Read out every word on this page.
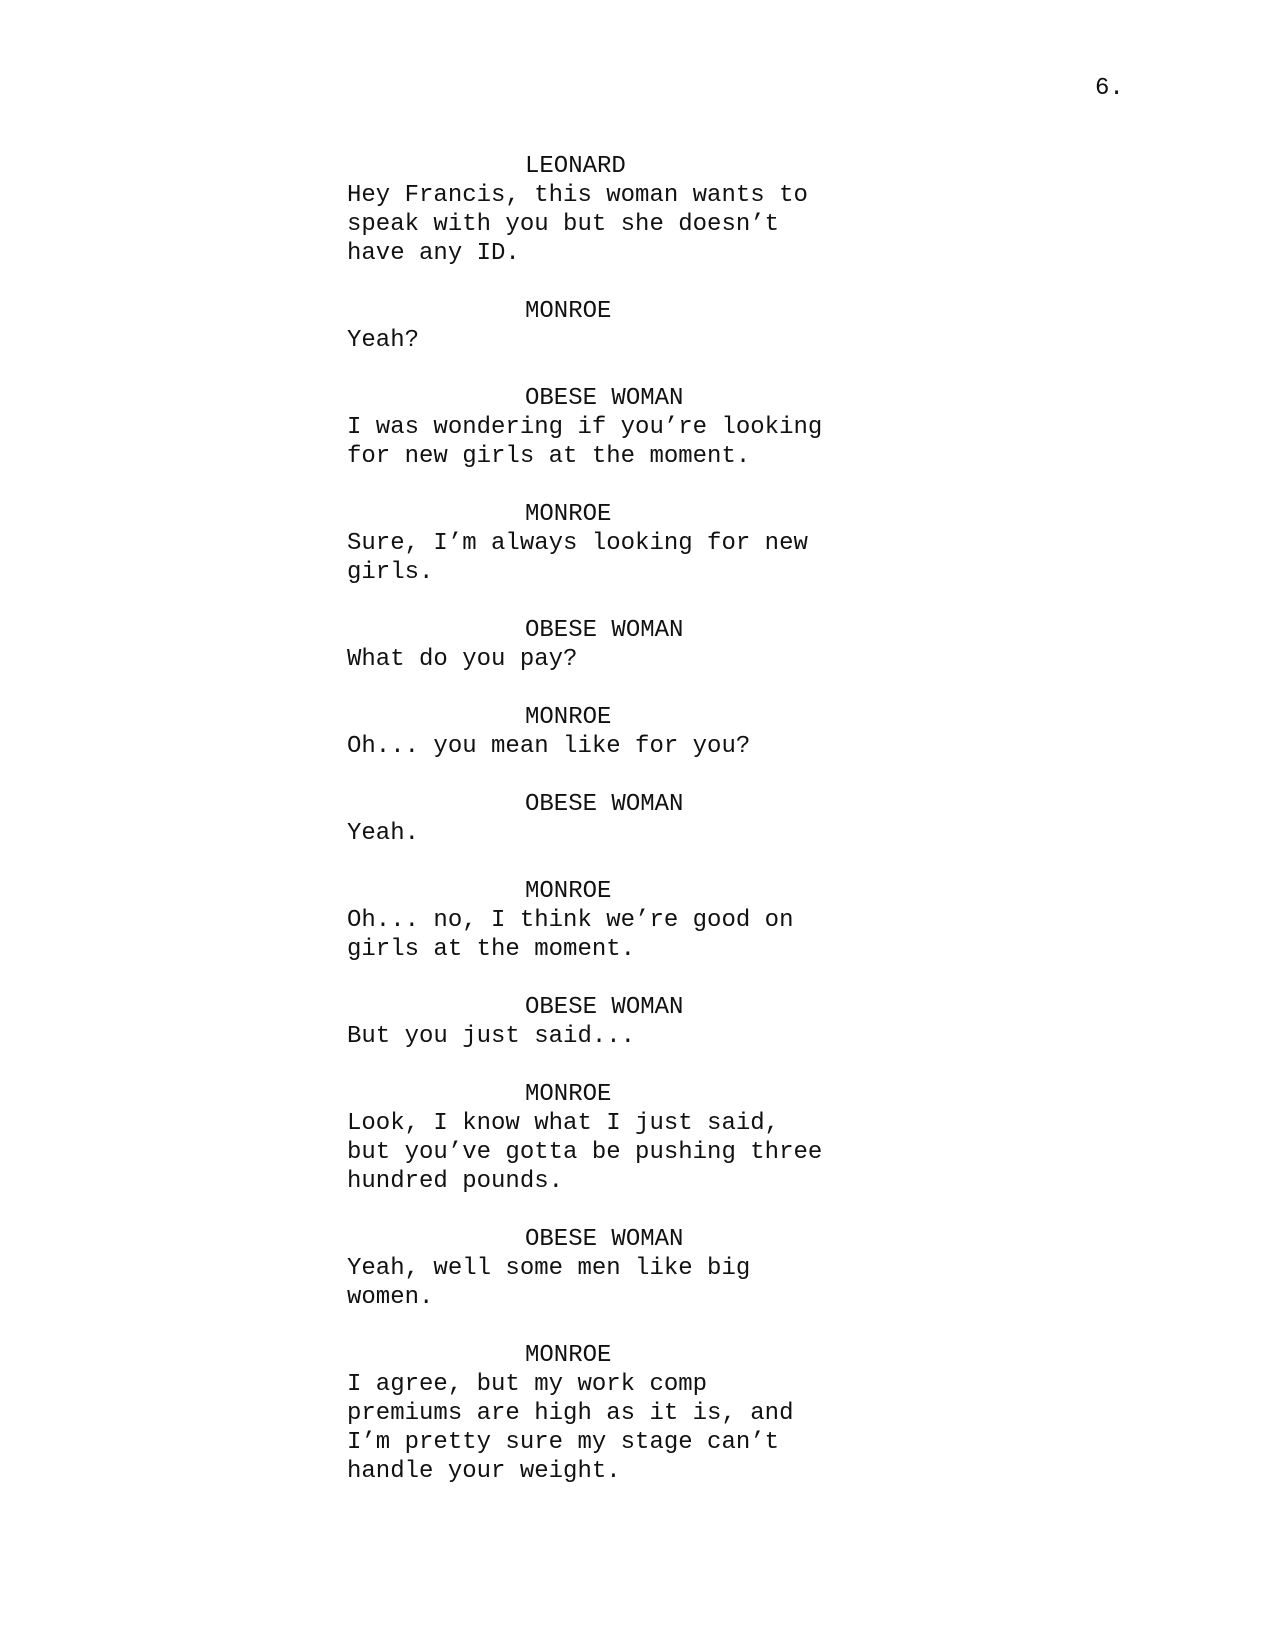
6.
LEONARD
Hey Francis, this woman wants to
speak with you but she doesn’t
have any ID.
MONROE
Yeah?
OBESE WOMAN
I was wondering if you’re looking
for new girls at the moment.
MONROE
Sure, I’m always looking for new
girls.
OBESE WOMAN
What do you pay?
MONROE
Oh... you mean like for you?
OBESE WOMAN
Yeah.
MONROE
Oh... no, I think we’re good on
girls at the moment.
OBESE WOMAN
But you just said...
MONROE
Look, I know what I just said,
but you’ve gotta be pushing three
hundred pounds.
OBESE WOMAN
Yeah, well some men like big
women.
MONROE
I agree, but my work comp
premiums are high as it is, and
I’m pretty sure my stage can’t
handle your weight.
